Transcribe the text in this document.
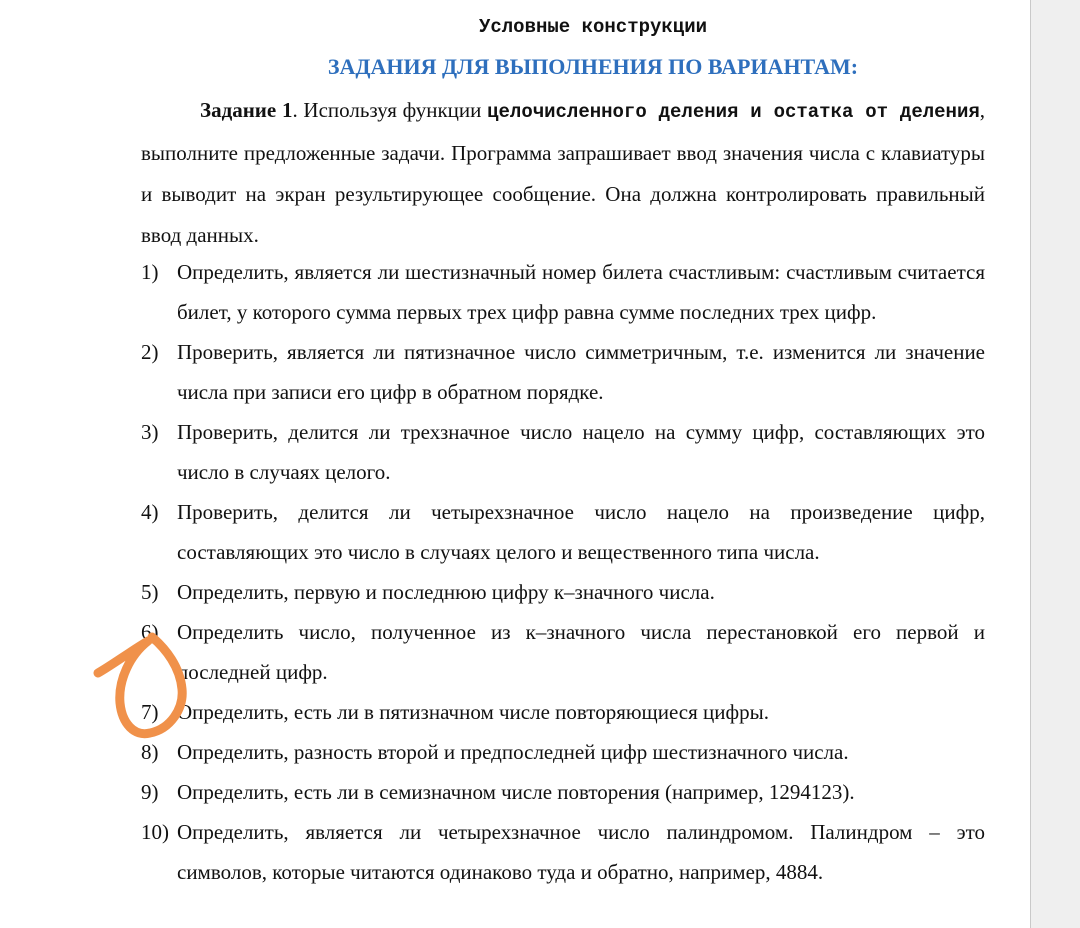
Условные конструкции
ЗАДАНИЯ ДЛЯ ВЫПОЛНЕНИЯ ПО ВАРИАНТАМ:
Задание 1. Используя функции целочисленного деления и остатка от деления, выполните предложенные задачи. Программа запрашивает ввод значения числа с клавиатуры и выводит на экран результирующее сообщение. Она должна контролировать правильный ввод данных.
1) Определить, является ли шестизначный номер билета счастливым: счастливым считается билет, у которого сумма первых трех цифр равна сумме последних трех цифр.
2) Проверить, является ли пятизначное число симметричным, т.е. изменится ли значение числа при записи его цифр в обратном порядке.
3) Проверить, делится ли трехзначное число нацело на сумму цифр, составляющих это число в случаях целого.
4) Проверить, делится ли четырехзначное число нацело на произведение цифр, составляющих это число в случаях целого и вещественного типа числа.
5) Определить, первую и последнюю цифру к–значного числа.
6) Определить число, полученное из к–значного числа перестановкой его первой и последней цифр.
7) Определить, есть ли в пятизначном числе повторяющиеся цифры.
8) Определить, разность второй и предпоследней цифр шестизначного числа.
9) Определить, есть ли в семизначном числе повторения (например, 1294123).
10) Определить, является ли четырехзначное число палиндромом. Палиндром – это символов, которые читаются одинаково туда и обратно, например, 4884.
